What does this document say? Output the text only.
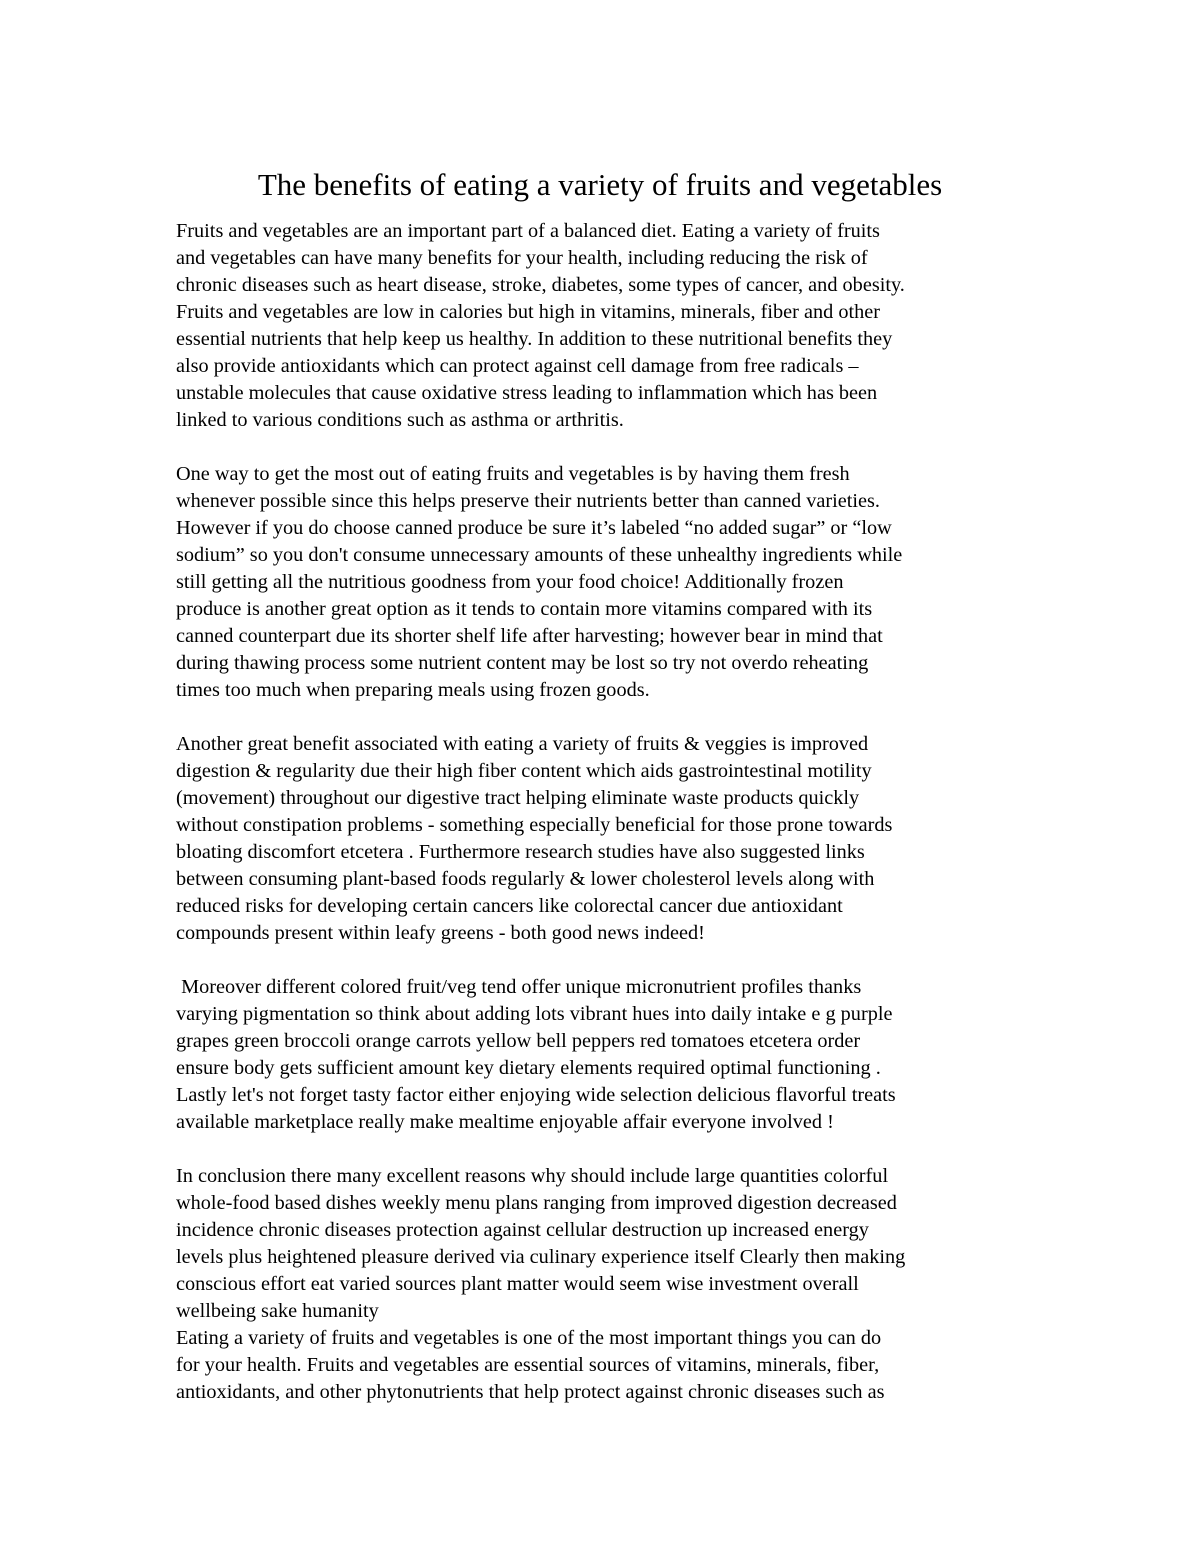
The benefits of eating a variety of fruits and vegetables

Fruits and vegetables are an important part of a balanced diet. Eating a variety of fruits
and vegetables can have many benefits for your health, including reducing the risk of
chronic diseases such as heart disease, stroke, diabetes, some types of cancer, and obesity.
Fruits and vegetables are low in calories but high in vitamins, minerals, fiber and other
essential nutrients that help keep us healthy. In addition to these nutritional benefits they
also provide antioxidants which can protect against cell damage from free radicals –
unstable molecules that cause oxidative stress leading to inflammation which has been
linked to various conditions such as asthma or arthritis.

One way to get the most out of eating fruits and vegetables is by having them fresh
whenever possible since this helps preserve their nutrients better than canned varieties.
However if you do choose canned produce be sure it’s labeled “no added sugar” or “low
sodium” so you don't consume unnecessary amounts of these unhealthy ingredients while
still getting all the nutritious goodness from your food choice! Additionally frozen
produce is another great option as it tends to contain more vitamins compared with its
canned counterpart due its shorter shelf life after harvesting; however bear in mind that
during thawing process some nutrient content may be lost so try not overdo reheating
times too much when preparing meals using frozen goods.

Another great benefit associated with eating a variety of fruits & veggies is improved
digestion & regularity due their high fiber content which aids gastrointestinal motility
(movement) throughout our digestive tract helping eliminate waste products quickly
without constipation problems - something especially beneficial for those prone towards
bloating discomfort etcetera . Furthermore research studies have also suggested links
between consuming plant-based foods regularly & lower cholesterol levels along with
reduced risks for developing certain cancers like colorectal cancer due antioxidant
compounds present within leafy greens - both good news indeed!

Moreover different colored fruit/veg tend offer unique micronutrient profiles thanks
varying pigmentation so think about adding lots vibrant hues into daily intake e g purple
grapes green broccoli orange carrots yellow bell peppers red tomatoes etcetera order
ensure body gets sufficient amount key dietary elements required optimal functioning .
Lastly let's not forget tasty factor either enjoying wide selection delicious flavorful treats
available marketplace really make mealtime enjoyable affair everyone involved !

In conclusion there many excellent reasons why should include large quantities colorful
whole-food based dishes weekly menu plans ranging from improved digestion decreased
incidence chronic diseases protection against cellular destruction up increased energy
levels plus heightened pleasure derived via culinary experience itself Clearly then making
conscious effort eat varied sources plant matter would seem wise investment overall
wellbeing sake humanity

Eating a variety of fruits and vegetables is one of the most important things you can do
for your health. Fruits and vegetables are essential sources of vitamins, minerals, fiber,
antioxidants, and other phytonutrients that help protect against chronic diseases such as
